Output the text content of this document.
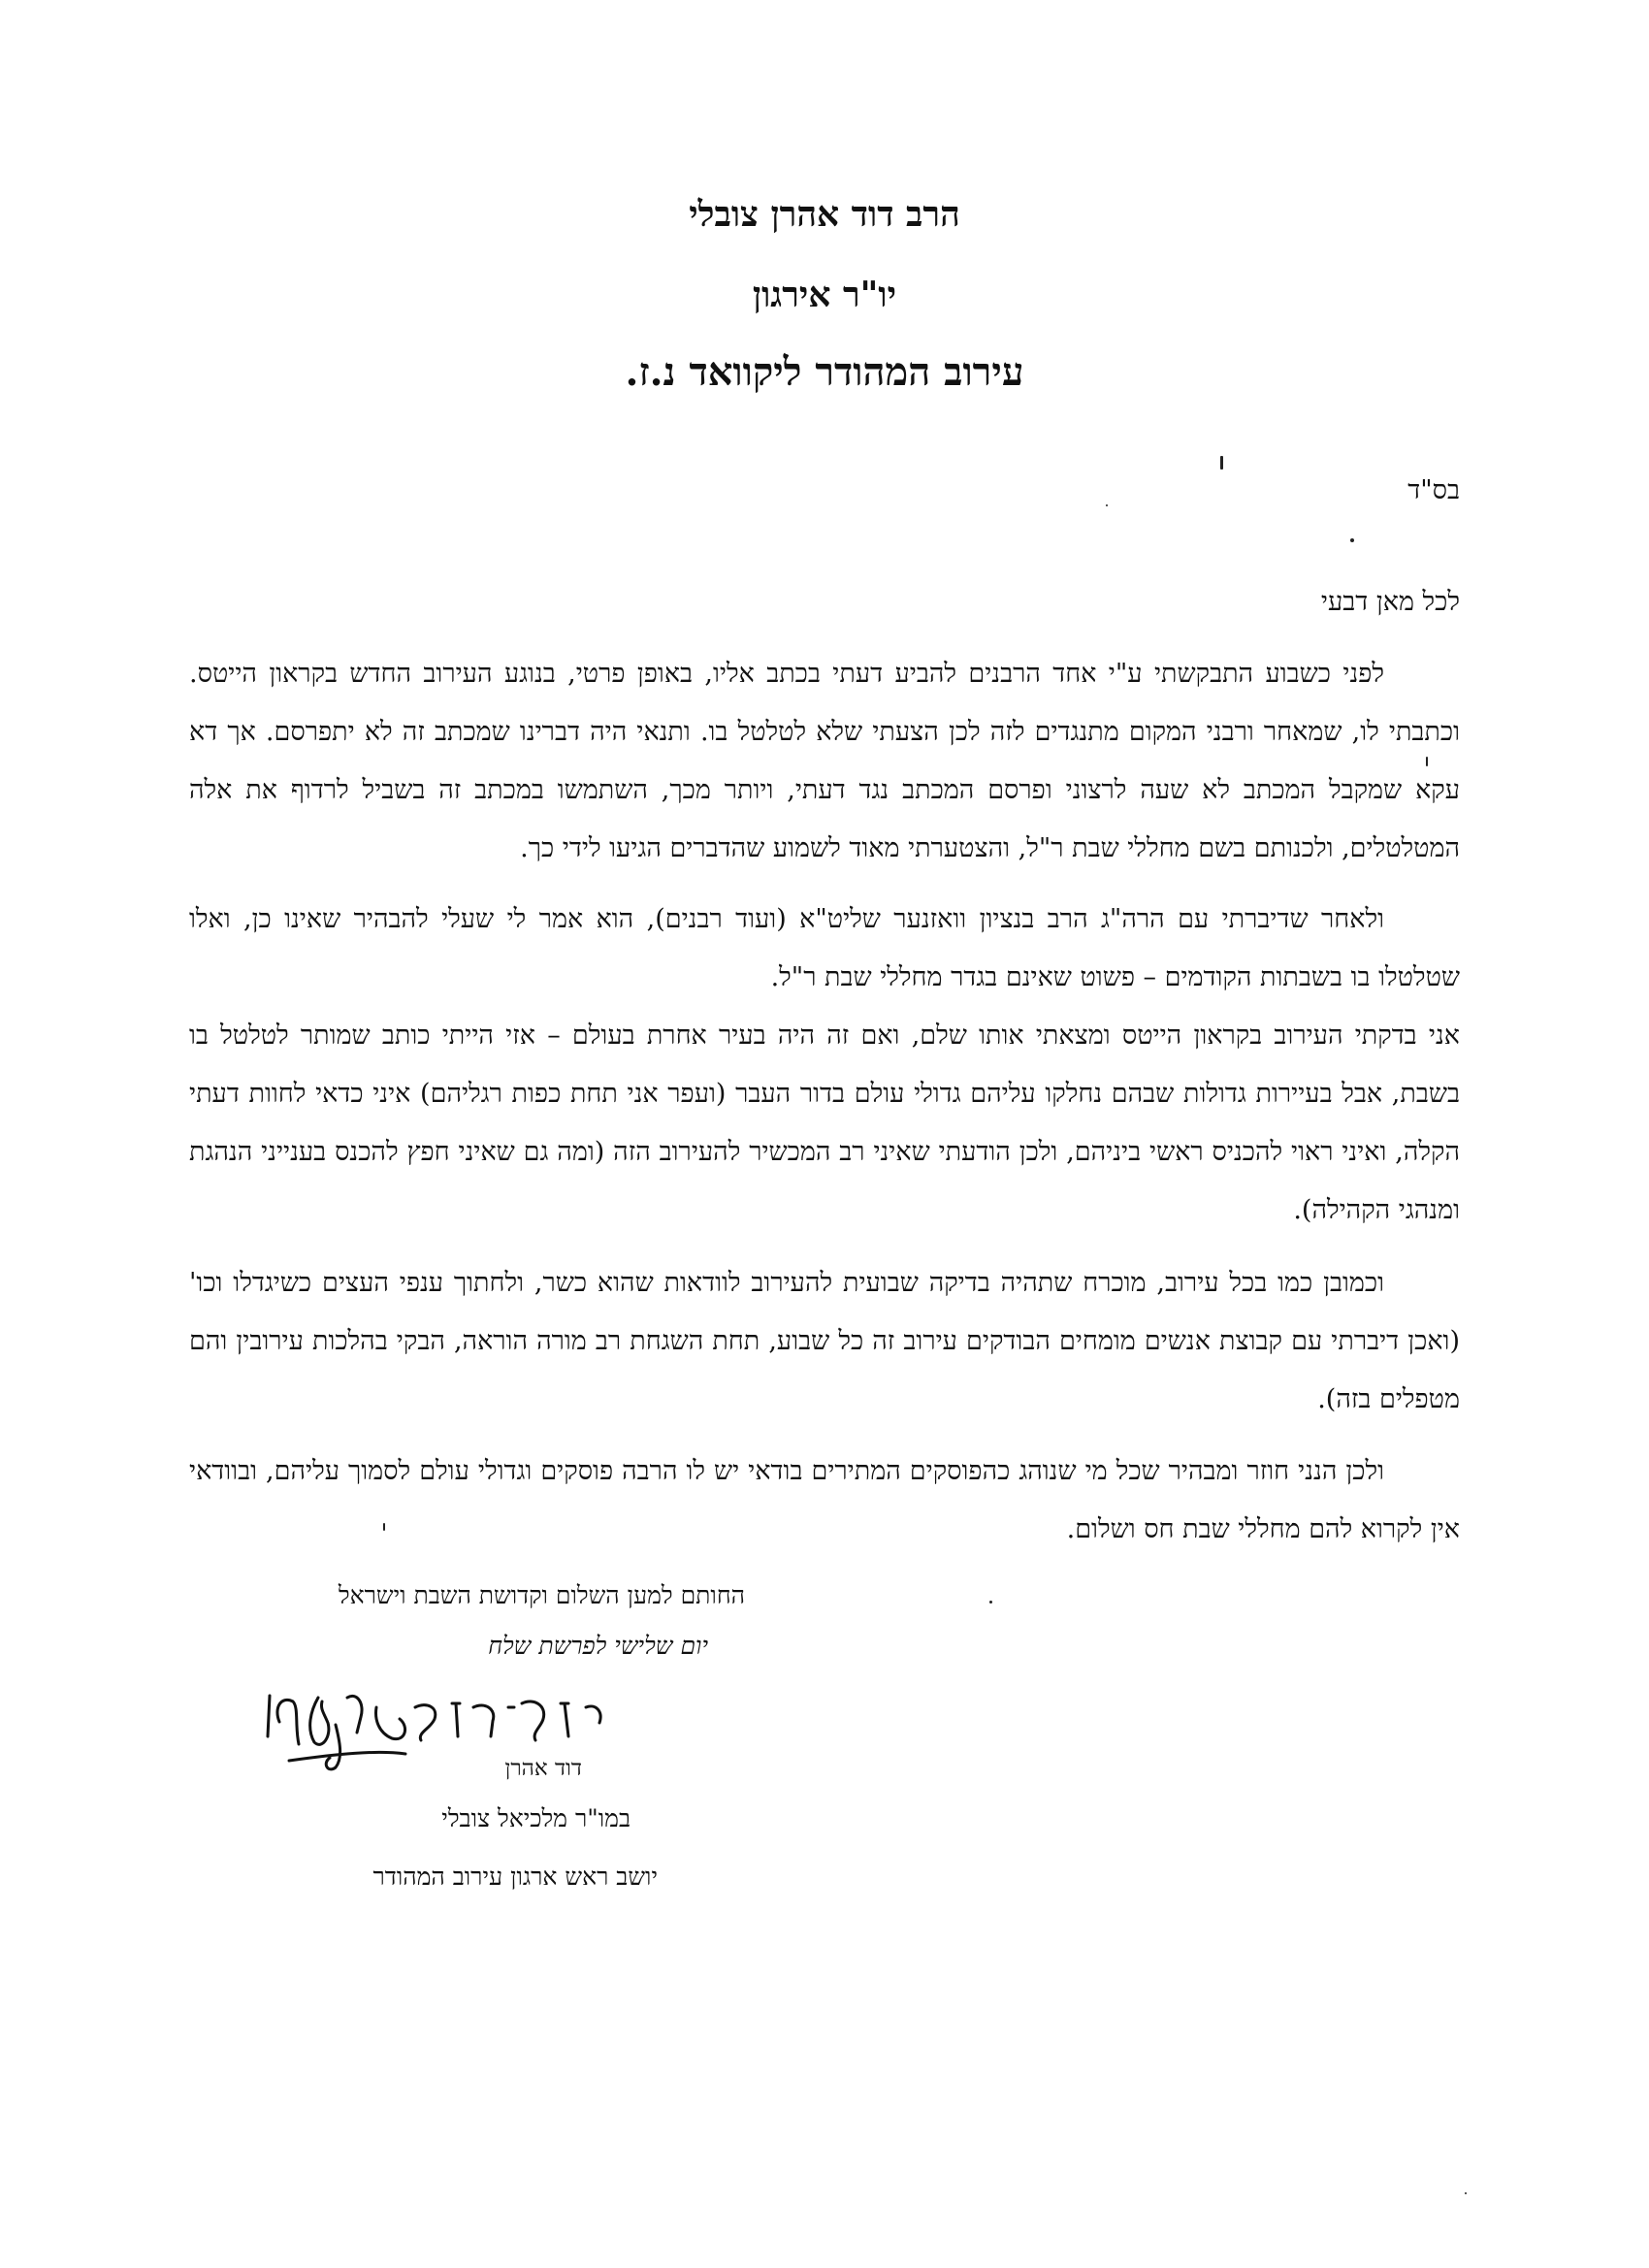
הרב דוד אהרן צובלי
יו"ר אירגון
עירוב המהודר ליקוואד נ.ז.
בס"ד
לכל מאן דבעי

לפני כשבוע התבקשתי ע"י אחד הרבנים להביע דעתי בכתב אליו, באופן פרטי, בנוגע העירוב החדש בקראון הייטס. וכתבתי לו, שמאחר ורבני המקום מתנגדים לזה לכן הצעתי שלא לטלטל בו. ותנאי היה דברינו שמכתב זה לא יתפרסם. אך דא עקא שמקבל המכתב לא שעה לרצוני ופרסם המכתב נגד דעתי, ויותר מכך, השתמשו במכתב זה בשביל לרדוף את אלה המטלטלים, ולכנותם בשם מחללי שבת ר"ל, והצטערתי מאוד לשמוע שהדברים הגיעו לידי כך.

ולאחר שדיברתי עם הרה"ג הרב בנציון וואזנער שליט"א (ועוד רבנים), הוא אמר לי שעלי להבהיר שאינו כן, ואלו שטלטלו בו בשבתות הקודמים – פשוט שאינם בגדר מחללי שבת ר"ל.

אני בדקתי העירוב בקראון הייטס ומצאתי אותו שלם, ואם זה היה בעיר אחרת בעולם – אזי הייתי כותב שמותר לטלטל בו בשבת, אבל בעיירות גדולות שבהם נחלקו עליהם גדולי עולם בדור העבר (ועפר אני תחת כפות רגליהם) איני כדאי לחוות דעתי הקלה, ואיני ראוי להכניס ראשי ביניהם, ולכן הודעתי שאיני רב המכשיר להעירוב הזה (ומה גם שאיני חפץ להכנס בענייני הנהגת ומנהגי הקהילה).

וכמובן כמו בכל עירוב, מוכרח שתהיה בדיקה שבועית להעירוב לוודאות שהוא כשר, ולחתוך ענפי העצים כשיגדלו וכו' (ואכן דיברתי עם קבוצת אנשים מומחים הבודקים עירוב זה כל שבוע, תחת השגחת רב מורה הוראה, הבקי בהלכות עירובין והם מטפלים בזה).

ולכן הנני חוזר ומבהיר שכל מי שנוהג כהפוסקים המתירים בודאי יש לו הרבה פוסקים וגדולי עולם לסמוך עליהם, ובוודאי אין לקרוא להם מחללי שבת חס ושלום.

החותם למען השלום וקדושת השבת וישראל
יום שלישי לפרשת שלח
דוד אהרן
במו"ר מלכיאל צובלי
יושב ראש ארגון עירוב המהודר
